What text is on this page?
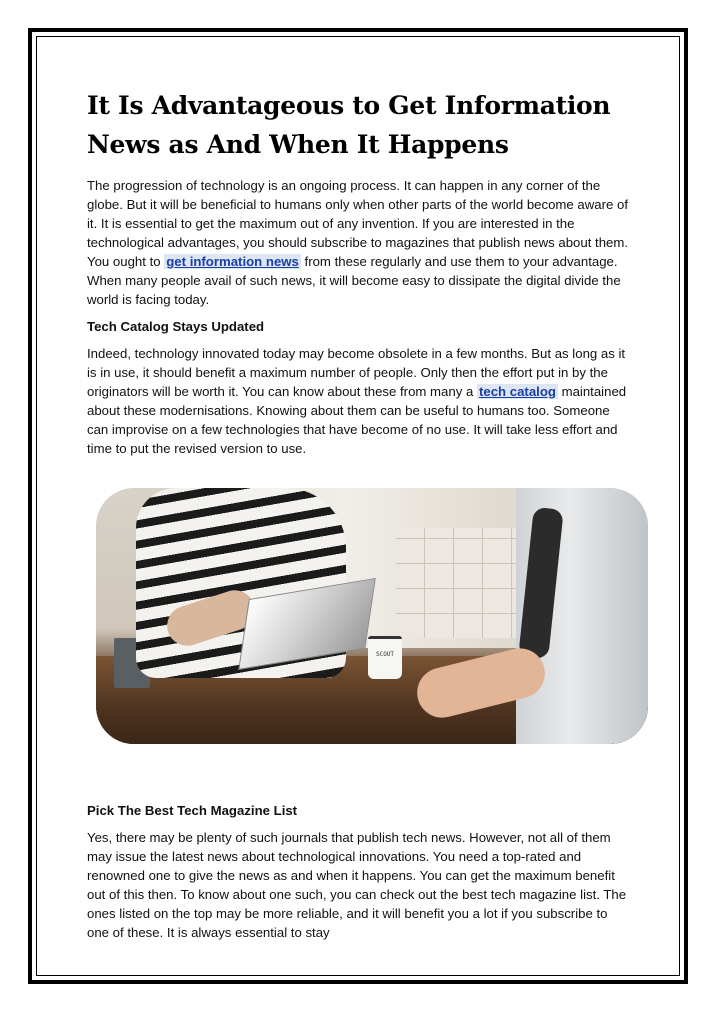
It Is Advantageous to Get Information News as And When It Happens

The progression of technology is an ongoing process. It can happen in any corner of the globe. But it will be beneficial to humans only when other parts of the world become aware of it. It is essential to get the maximum out of any invention. If you are interested in the technological advantages, you should subscribe to magazines that publish news about them. You ought to get information news from these regularly and use them to your advantage. When many people avail of such news, it will become easy to dissipate the digital divide the world is facing today.

Tech Catalog Stays Updated

Indeed, technology innovated today may become obsolete in a few months. But as long as it is in use, it should benefit a maximum number of people. Only then the effort put in by the originators will be worth it. You can know about these from many a tech catalog maintained about these modernisations. Knowing about them can be useful to humans too. Someone can improvise on a few technologies that have become of no use. It will take less effort and time to put the revised version to use.

SCOUT
Pick The Best Tech Magazine List

Yes, there may be plenty of such journals that publish tech news. However, not all of them may issue the latest news about technological innovations. You need a top-rated and renowned one to give the news as and when it happens. You can get the maximum benefit out of this then. To know about one such, you can check out the best tech magazine list. The ones listed on the top may be more reliable, and it will benefit you a lot if you subscribe to one of these. It is always essential to stay
